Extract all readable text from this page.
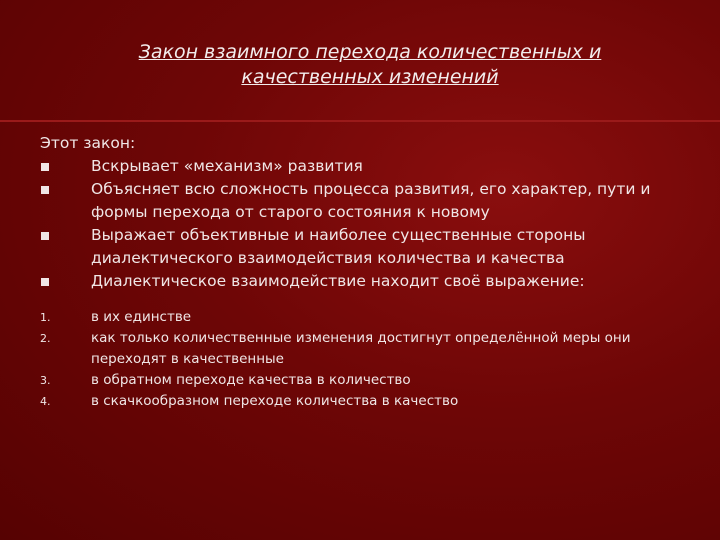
Закон взаимного перехода количественных и
качественных изменений

Этот закон:

Вскрывает «механизм» развития
Объясняет всю сложность процесса развития, его характер, пути и формы перехода от старого состояния к новому
Выражает объективные и наиболее существенные стороны диалектического взаимодействия количества и качества
Диалектическое взаимодействие находит своё выражение:
1.	в их единстве
2.	как только количественные изменения достигнут определённой меры они переходят в качественные
3.	в обратном переходе качества в количество
4.	в скачкообразном переходе количества в качество
